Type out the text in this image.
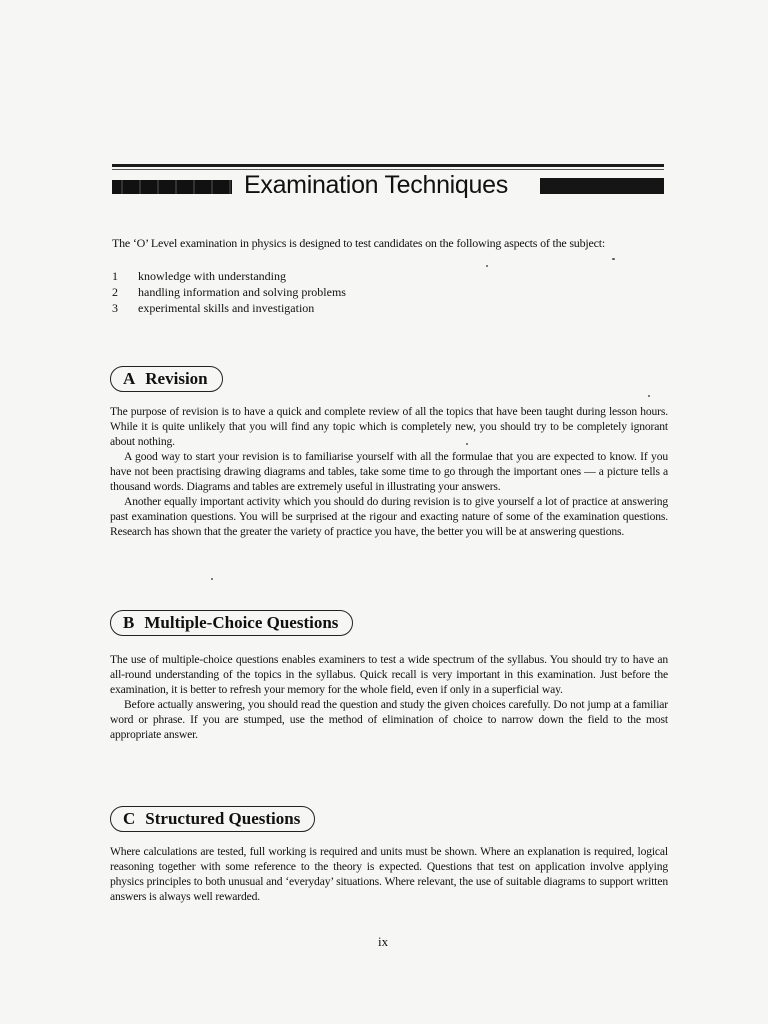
Examination Techniques
The ‘O’ Level examination in physics is designed to test candidates on the following aspects of the subject:
1 knowledge with understanding
2 handling information and solving problems
3 experimental skills and investigation
A Revision

The purpose of revision is to have a quick and complete review of all the topics that have been taught during lesson hours. While it is quite unlikely that you will find any topic which is completely new, you should try to be completely ignorant about nothing.

A good way to start your revision is to familiarise yourself with all the formulae that you are expected to know. If you have not been practising drawing diagrams and tables, take some time to go through the important ones — a picture tells a thousand words. Diagrams and tables are extremely useful in illustrating your answers.

Another equally important activity which you should do during revision is to give yourself a lot of practice at answering past examination questions. You will be surprised at the rigour and exacting nature of some of the examination questions. Research has shown that the greater the variety of practice you have, the better you will be at answering questions.

B Multiple-Choice Questions

The use of multiple-choice questions enables examiners to test a wide spectrum of the syllabus. You should try to have an all-round understanding of the topics in the syllabus. Quick recall is very important in this examination. Just before the examination, it is better to refresh your memory for the whole field, even if only in a superficial way.

Before actually answering, you should read the question and study the given choices carefully. Do not jump at a familiar word or phrase. If you are stumped, use the method of elimination of choice to narrow down the field to the most appropriate answer.

C Structured Questions

Where calculations are tested, full working is required and units must be shown. Where an explanation is required, logical reasoning together with some reference to the theory is expected. Questions that test on application involve applying physics principles to both unusual and ‘everyday’ situations. Where relevant, the use of suitable diagrams to support written answers is always well rewarded.

ix
